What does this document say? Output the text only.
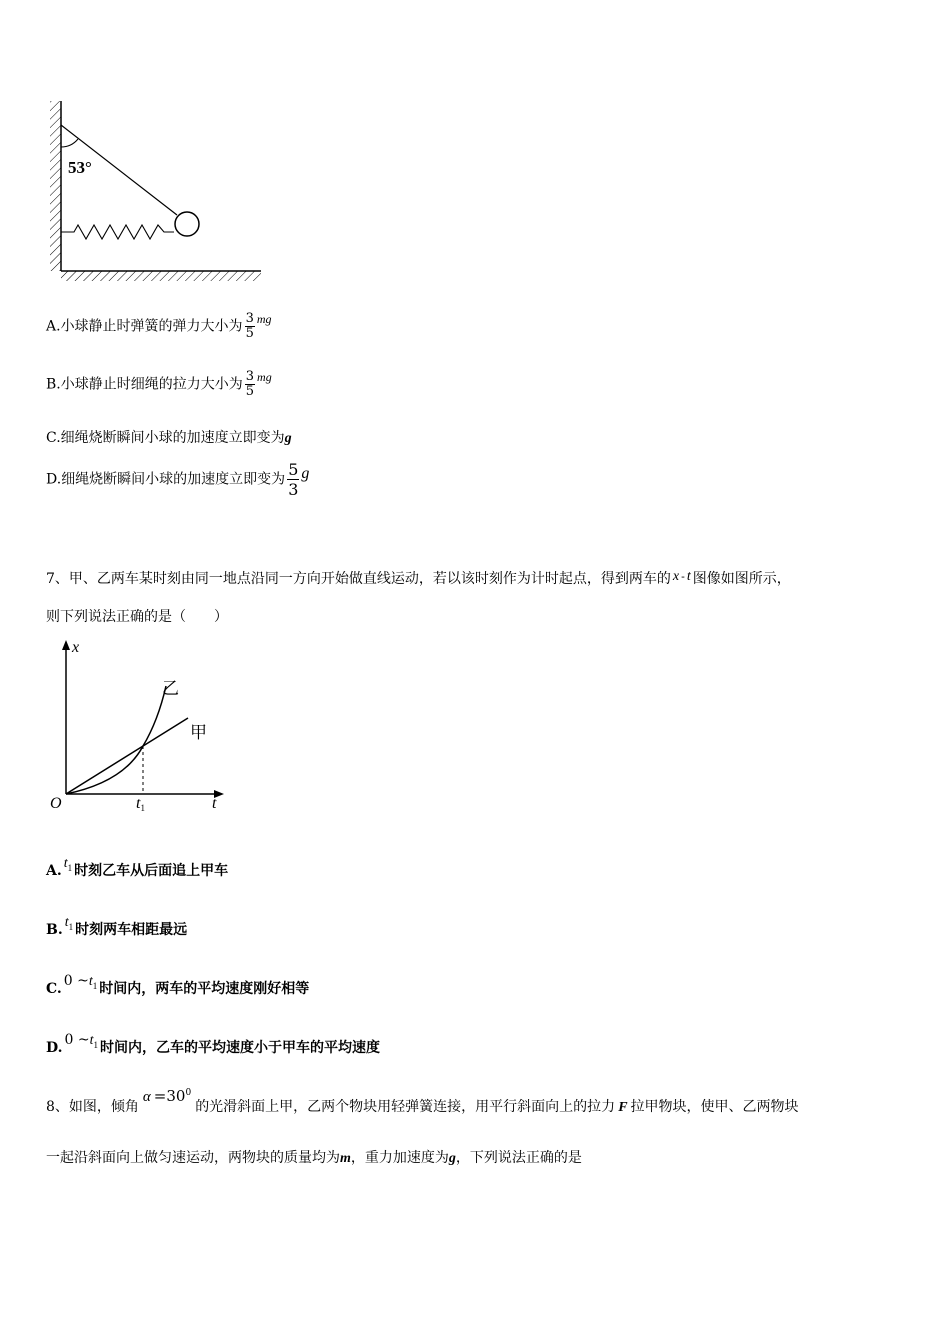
53°
A.小球静止时弹簧的弹力大小为 $\frac{3}{5}$ mg
B.小球静止时细绳的拉力大小为 $\frac{3}{5}$ mg
C.细绳烧断瞬间小球的加速度立即变为g
D.细绳烧断瞬间小球的加速度立即变为 $\frac{5}{3}$ g
7、甲、乙两车某时刻由同一地点沿同一方向开始做直线运动，若以该时刻作为计时起点，得到两车的 x - t 图像如图所示，
则下列说法正确的是（　　）
x
t
O
甲
乙
t1
A. $t_1$ 时刻乙车从后面追上甲车
B. $t_1$ 时刻两车相距最远
C. 0 $\sim t_1$ 时间内，两车的平均速度刚好相等
D. 0 $\sim t_1$ 时间内，乙车的平均速度小于甲车的平均速度
8、如图，倾角$\alpha =30^0$的光滑斜面上甲，乙两个物块用轻弹簧连接，用平行斜面向上的拉力 F 拉甲物块，使甲、乙两物块
一起沿斜面向上做匀速运动，两物块的质量均为m，重力加速度为g，下列说法正确的是
